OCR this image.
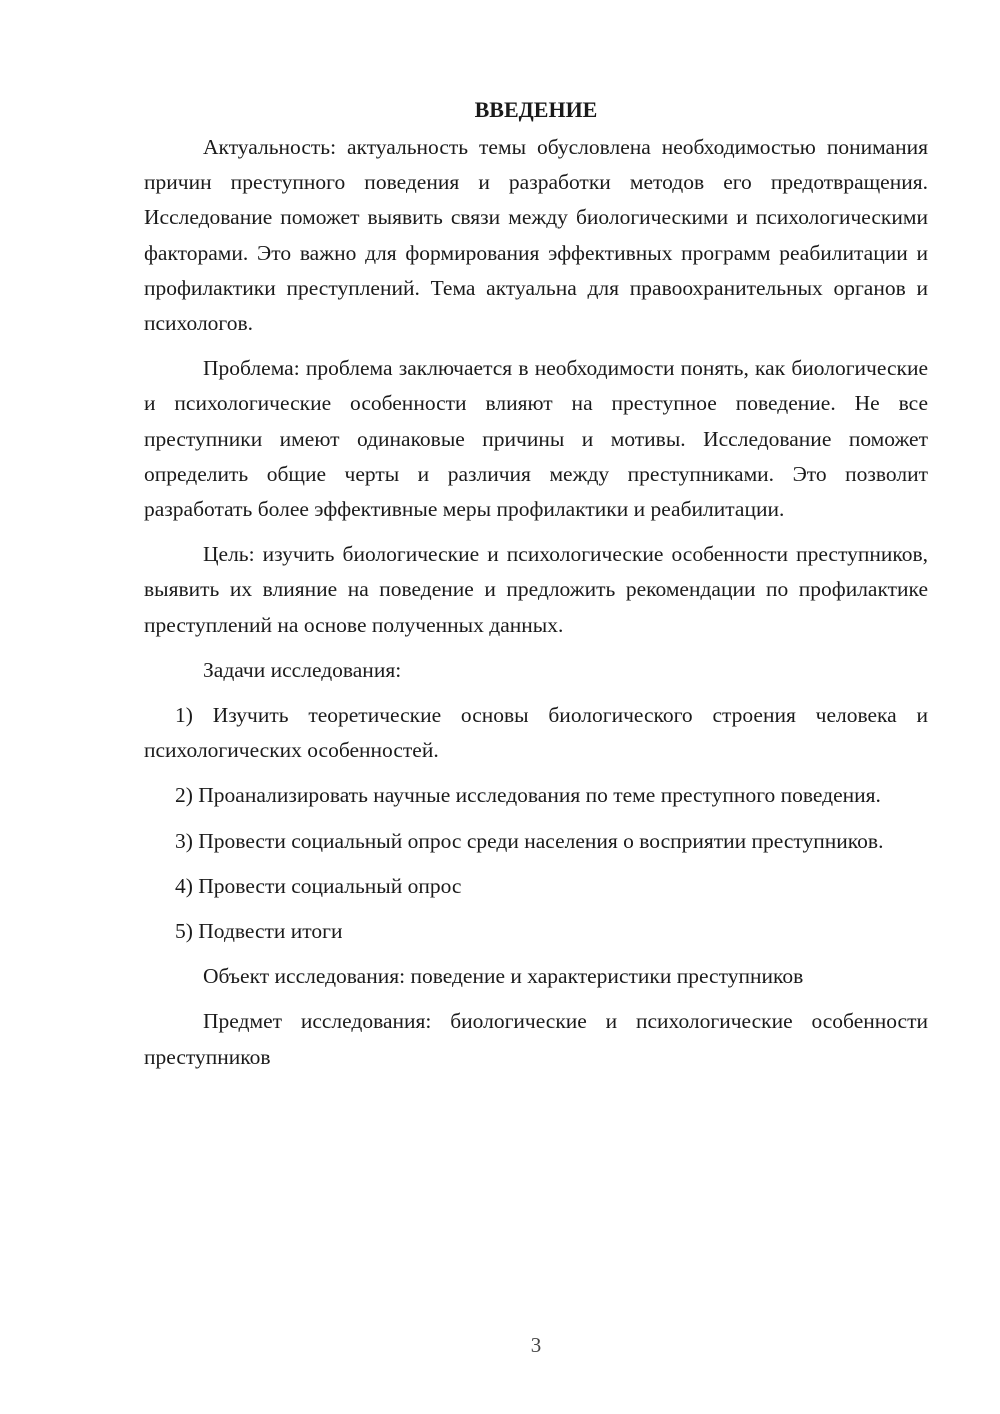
ВВЕДЕНИЕ

Актуальность: актуальность темы обусловлена необходимостью понимания причин преступного поведения и разработки методов его предотвращения. Исследование поможет выявить связи между биологическими и психологическими факторами. Это важно для формирования эффективных программ реабилитации и профилактики преступлений. Тема актуальна для правоохранительных органов и психологов.

Проблема: проблема заключается в необходимости понять, как биологические и психологические особенности влияют на преступное поведение. Не все преступники имеют одинаковые причины и мотивы. Исследование поможет определить общие черты и различия между преступниками. Это позволит разработать более эффективные меры профилактики и реабилитации.

Цель: изучить биологические и психологические особенности преступников, выявить их влияние на поведение и предложить рекомендации по профилактике преступлений на основе полученных данных.

Задачи исследования:

1) Изучить теоретические основы биологического строения человека и психологических особенностей.

2) Проанализировать научные исследования по теме преступного поведения.

3) Провести социальный опрос среди населения о восприятии преступников.

4) Провести социальный опрос

5) Подвести итоги

Объект исследования: поведение и характеристики преступников

Предмет исследования: биологические и психологические особенности преступников

3
